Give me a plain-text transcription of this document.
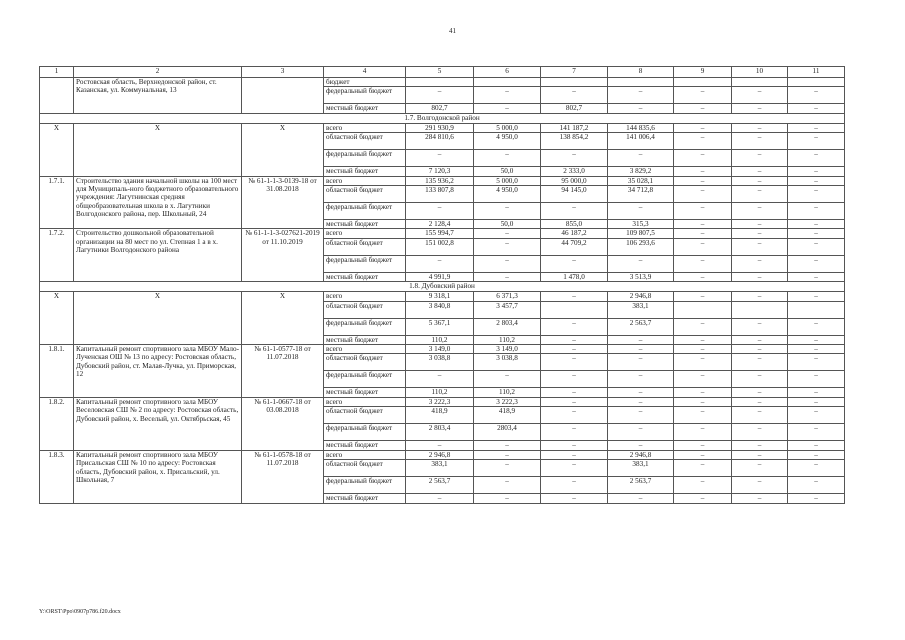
41
1	2	3	4	5	6	7	8	9	10	11
	Ростовская область, Верхнедонской район, ст. Казанская, ул. Коммунальная, 13		бюджет							
			федеральный бюджет	–	–	–	–	–	–	–
			местный бюджет	802,7	–	802,7	–	–	–	–
1.7. Волгодонской район										
Х	Х	Х	всего	291 930,9	5 000,0	141 187,2	144 835,6	–	–	–
			областной бюджет	284 810,6	4 950,0	138 854,2	141 006,4	–	–	–
			федеральный бюджет	–	–	–	–	–	–	–
			местный бюджет	7 120,3	50,0	2 333,0	3 829,2	–	–	–
1.7.1.	Строительство здания начальной школы на 100 мест для Муниципаль-ного бюджетного образовательного учреждения: Лагутнинская средняя общеобразовательная школа в х. Лагутники Волгодонского района, пер. Школьный, 24	№ 61-1-1-3-0139-18 от 31.08.2018	всего	135 936,2	5 000,0	95 000,0	35 028,1	–	–	–
			областной бюджет	133 807,8	4 950,0	94 145,0	34 712,8	–	–	–
			федеральный бюджет	–	–	–	–	–	–	–
			местный бюджет	2 128,4	50,0	855,0	315,3	–	–	–
1.7.2.	Строительство дошкольной образовательной организации на 80 мест по ул. Степная 1 а в х. Лагутники Волгодонского района	№ 61-1-1-3-027621-2019 от 11.10.2019	всего	155 994,7	–	46 187,2	109 807,5	–	–	–
			областной бюджет	151 002,8	–	44 709,2	106 293,6	–	–	–
			федеральный бюджет	–	–	–	–	–	–	–
			местный бюджет	4 991,9	–	1 478,0	3 513,9	–	–	–
1.8. Дубовский район										
Х	Х	Х	всего	9 318,1	6 371,3	–	2 946,8	–	–	–
			областной бюджет	3 840,8	3 457,7		383,1			
			федеральный бюджет	5 367,1	2 803,4	–	2 563,7	–	–	–
			местный бюджет	110,2	110,2	–	–	–	–	–
1.8.1.	Капитальный ремонт спортивного зала МБОУ Мало-Лученская ОШ № 13 по адресу: Ростовская область, Дубовский район, ст. Малая-Лучка, ул. Приморская, 12	№ 61-1-0577-18 от 11.07.2018	всего	3 149,0	3 149,0	–	–	–	–	–
			областной бюджет	3 038,8	3 038,8	–	–	–	–	–
			федеральный бюджет	–	–	–	–	–	–	–
			местный бюджет	110,2	110,2	–	–	–	–	–
1.8.2.	Капитальный ремонт спортивного зала МБОУ Веселовская СШ № 2 по адресу: Ростовская область, Дубовский район, х. Веселый, ул. Октябрьская, 45	№ 61-1-0667-18 от 03.08.2018	всего	3 222,3	3 222,3	–	–	–	–	–
			областной бюджет	418,9	418,9	–	–	–	–	–
			федеральный бюджет	2 803,4	2803,4	–	–	–	–	–
			местный бюджет	–	–	–	–	–	–	–
1.8.3.	Капитальный ремонт спортивного зала МБОУ Присальская СШ № 10 по адресу: Ростовская область, Дубовский район, х. Присальский, ул. Школьная, 7	№ 61-1-0578-18 от 11.07.2018	всего	2 946,8	–	–	2 946,8	–	–	–
			областной бюджет	383,1	–	–	383,1	–	–	–
			федеральный бюджет	2 563,7	–	–	2 563,7	–	–	–
			местный бюджет	–	–	–	–	–	–	–
Y:\ORST\Ppo\0907p786.f20.docx
